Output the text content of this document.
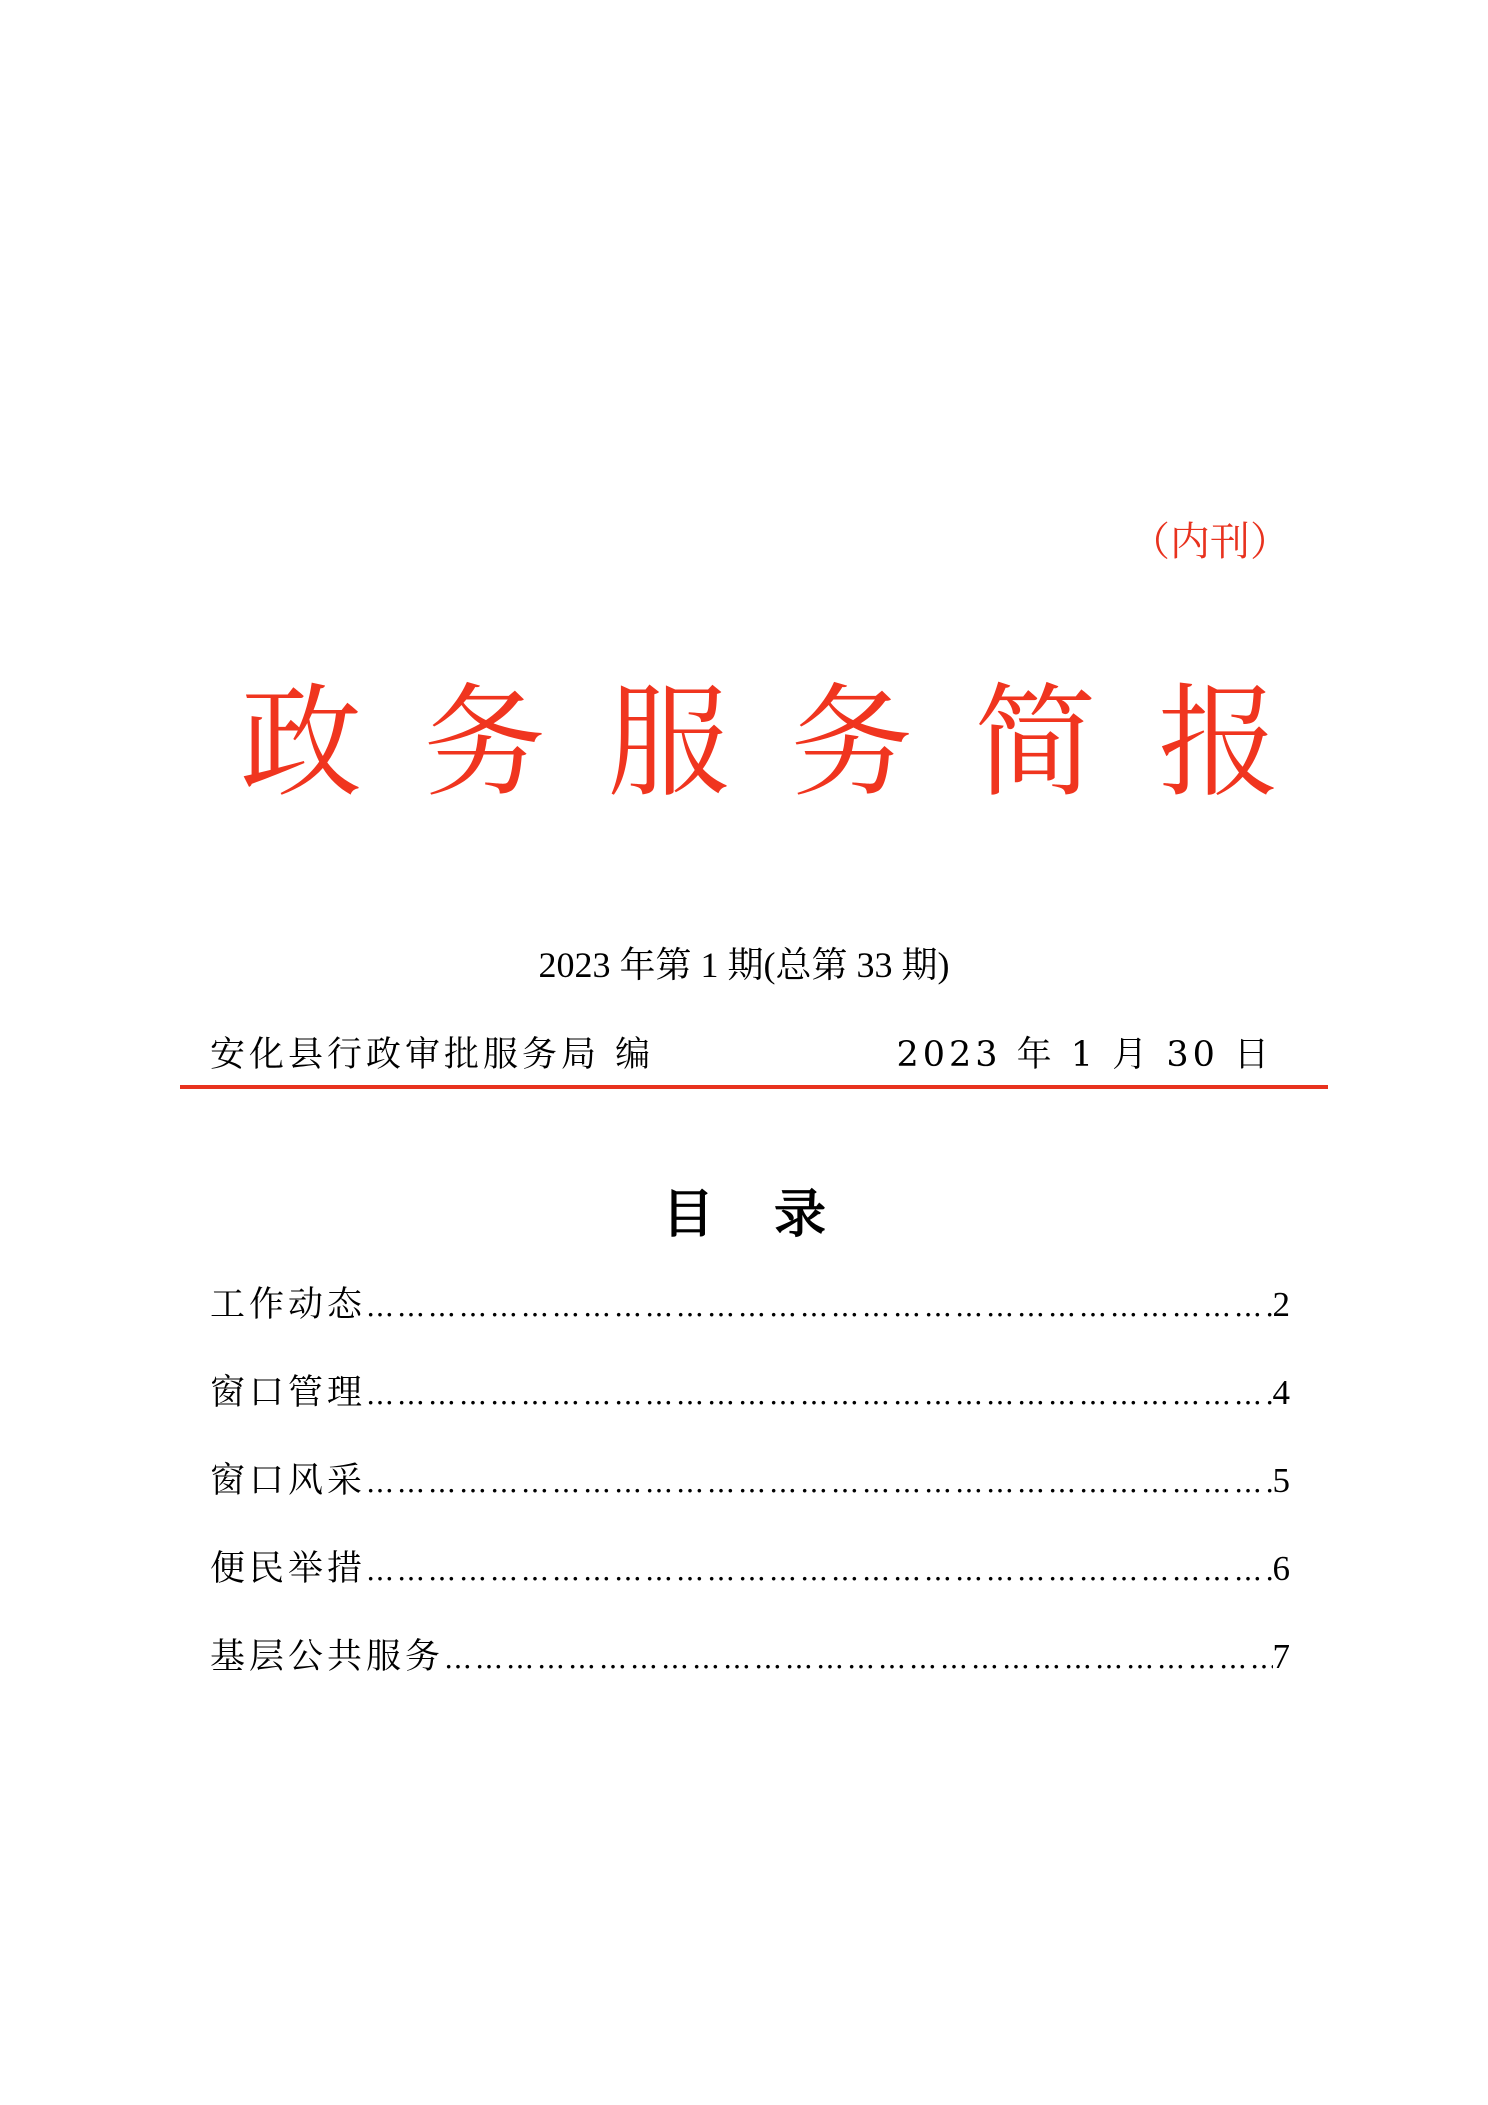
（内刊）
政 务 服 务 简 报
2023 年第 1 期(总第 33 期)
安化县行政审批服务局 编	2023 年 1 月 30 日
目录
工作动态 …………………………………………………………………………………………………………………………………………	2
窗口管理 …………………………………………………………………………………………………………………………………………	4
窗口风采 …………………………………………………………………………………………………………………………………………	5
便民举措 …………………………………………………………………………………………………………………………………………	6
基层公共服务 …………………………………………………………………………………………………………………………………………	7
